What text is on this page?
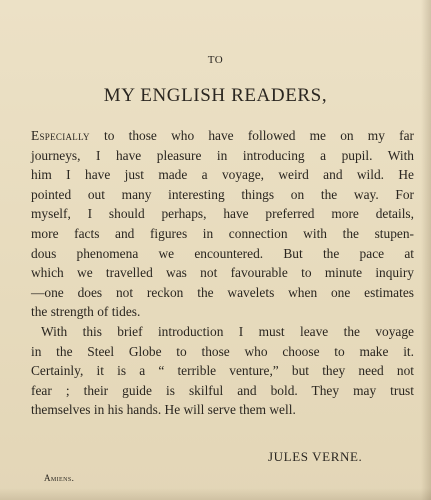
TO
MY ENGLISH READERS,
Especially to those who have followed me on my far
journeys, I have pleasure in introducing a pupil. With
him I have just made a voyage, weird and wild. He
pointed out many interesting things on the way. For
myself, I should perhaps, have preferred more details,
more facts and figures in connection with the stupen-
dous phenomena we encountered. But the pace at
which we travelled was not favourable to minute inquiry
—one does not reckon the wavelets when one estimates
the strength of tides.
With this brief introduction I must leave the voyage
in the Steel Globe to those who choose to make it.
Certainly, it is a “ terrible venture,” but they need not
fear ; their guide is skilful and bold. They may trust
themselves in his hands. He will serve them well.
JULES VERNE.
Amiens.
